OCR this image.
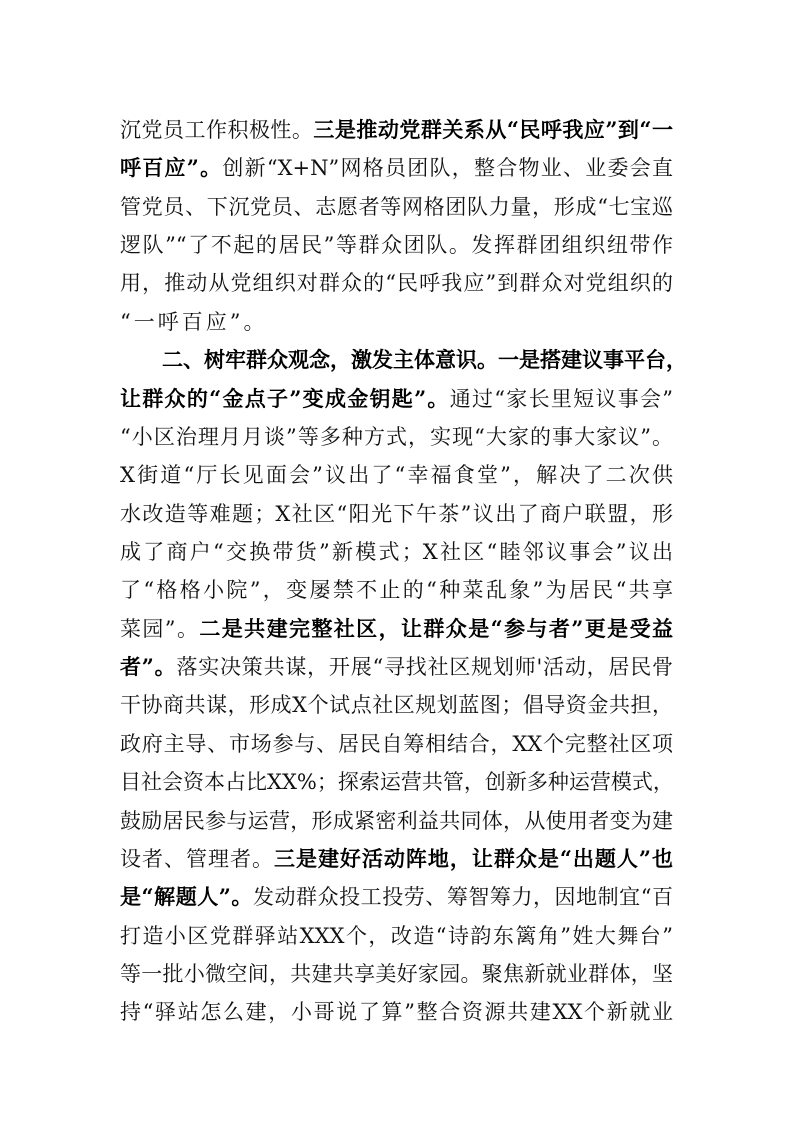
沉党员工作积极性。三是推动党群关系从“民呼我应”到“一
呼百应”。创新“X+N”网格员团队，整合物业、业委会直
管党员、下沉党员、志愿者等网格团队力量，形成“七宝巡
逻队”“了不起的居民”等群众团队。发挥群团组织纽带作
用，推动从党组织对群众的“民呼我应”到群众对党组织的
“一呼百应”。
二、树牢群众观念，激发主体意识。一是搭建议事平台，
让群众的“金点子”变成金钥匙”。通过“家长里短议事会”
“小区治理月月谈”等多种方式，实现“大家的事大家议”。
X街道“厅长见面会”议出了“幸福食堂”，解决了二次供
水改造等难题；X社区“阳光下午茶”议出了商户联盟，形
成了商户“交换带货”新模式；X社区“睦邻议事会”议出
了“格格小院”，变屡禁不止的“种菜乱象”为居民“共享
菜园”。二是共建完整社区，让群众是“参与者”更是受益
者”。落实决策共谋，开展“寻找社区规划师'活动，居民骨
干协商共谋，形成X个试点社区规划蓝图；倡导资金共担，
政府主导、市场参与、居民自筹相结合，XX个完整社区项
目社会资本占比XX%；探索运营共管，创新多种运营模式，
鼓励居民参与运营，形成紧密利益共同体，从使用者变为建
设者、管理者。三是建好活动阵地，让群众是“出题人”也
是“解题人”。发动群众投工投劳、筹智筹力，因地制宜“百
打造小区党群驿站XXX个，改造“诗韵东篱角”姓大舞台”
等一批小微空间，共建共享美好家园。聚焦新就业群体，坚
持“驿站怎么建，小哥说了算”整合资源共建XX个新就业
